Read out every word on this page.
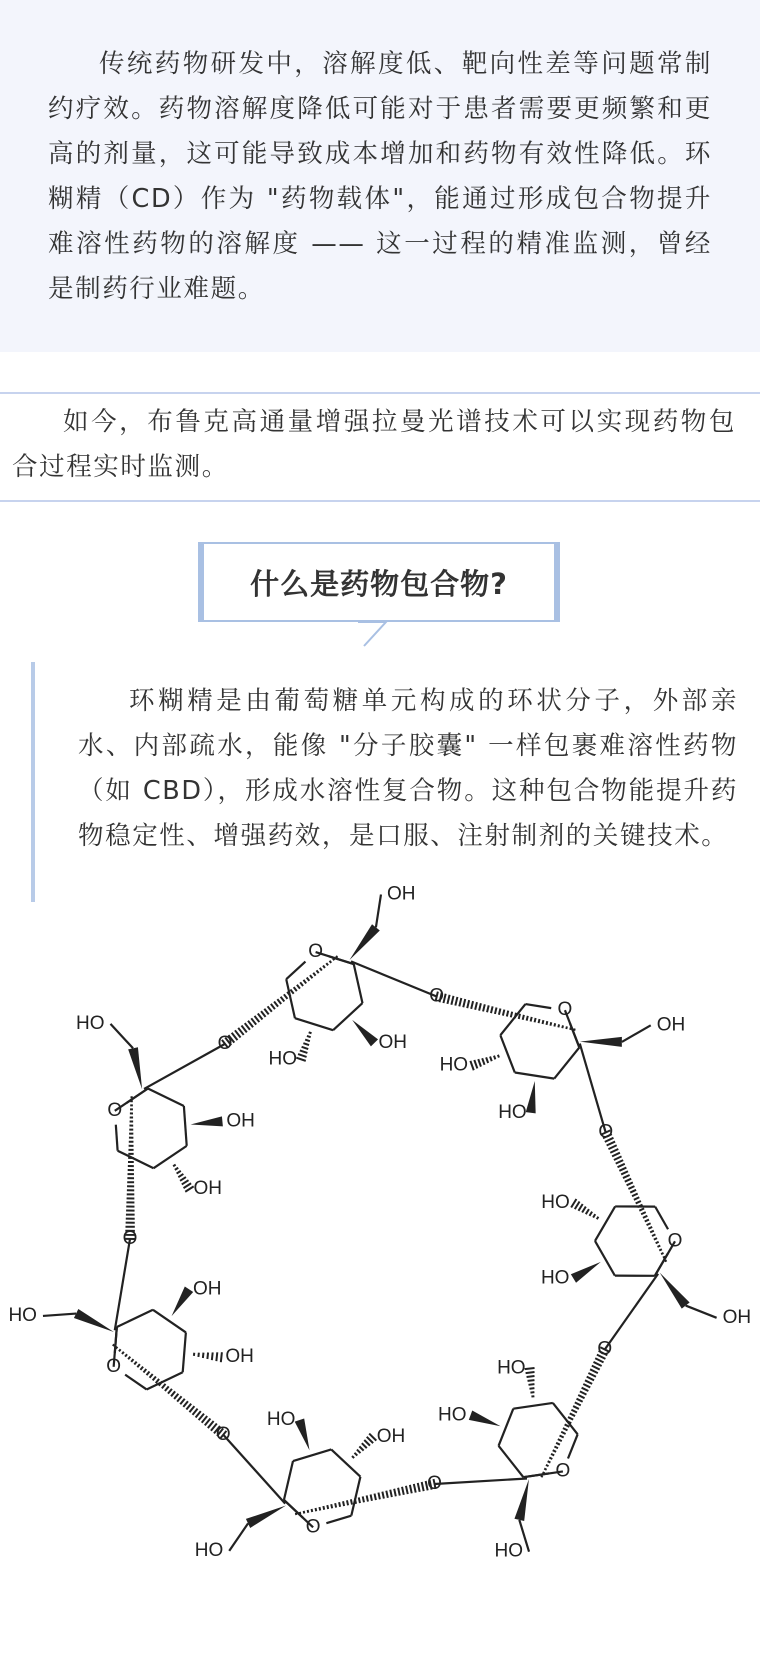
传统药物研发中，溶解度低、靶向性差等问题常制约疗效。药物溶解度降低可能对于患者需要更频繁和更高的剂量，这可能导致成本增加和药物有效性降低。环糊精（CD）作为 "药物载体"，能通过形成包合物提升难溶性药物的溶解度 —— 这一过程的精准监测，曾经是制药行业难题。

如今，布鲁克高通量增强拉曼光谱技术可以实现药物包合过程实时监测。

什么是药物包合物?

环糊精是由葡萄糖单元构成的环状分子，外部亲水、内部疏水，能像 "分子胶囊" 一样包裹难溶性药物（如 CBD），形成水溶性复合物。这种包合物能提升药物稳定性、增强药效，是口服、注射制剂的关键技术。

O
OH
OH
HO
O
OH
HO
HO
O
OH
HO
HO
O
HO
HO
HO
O
HO
HO
OH
O
HO
OH
OH
O
HO
OH
OH
O
O
O
O
O
O
O
